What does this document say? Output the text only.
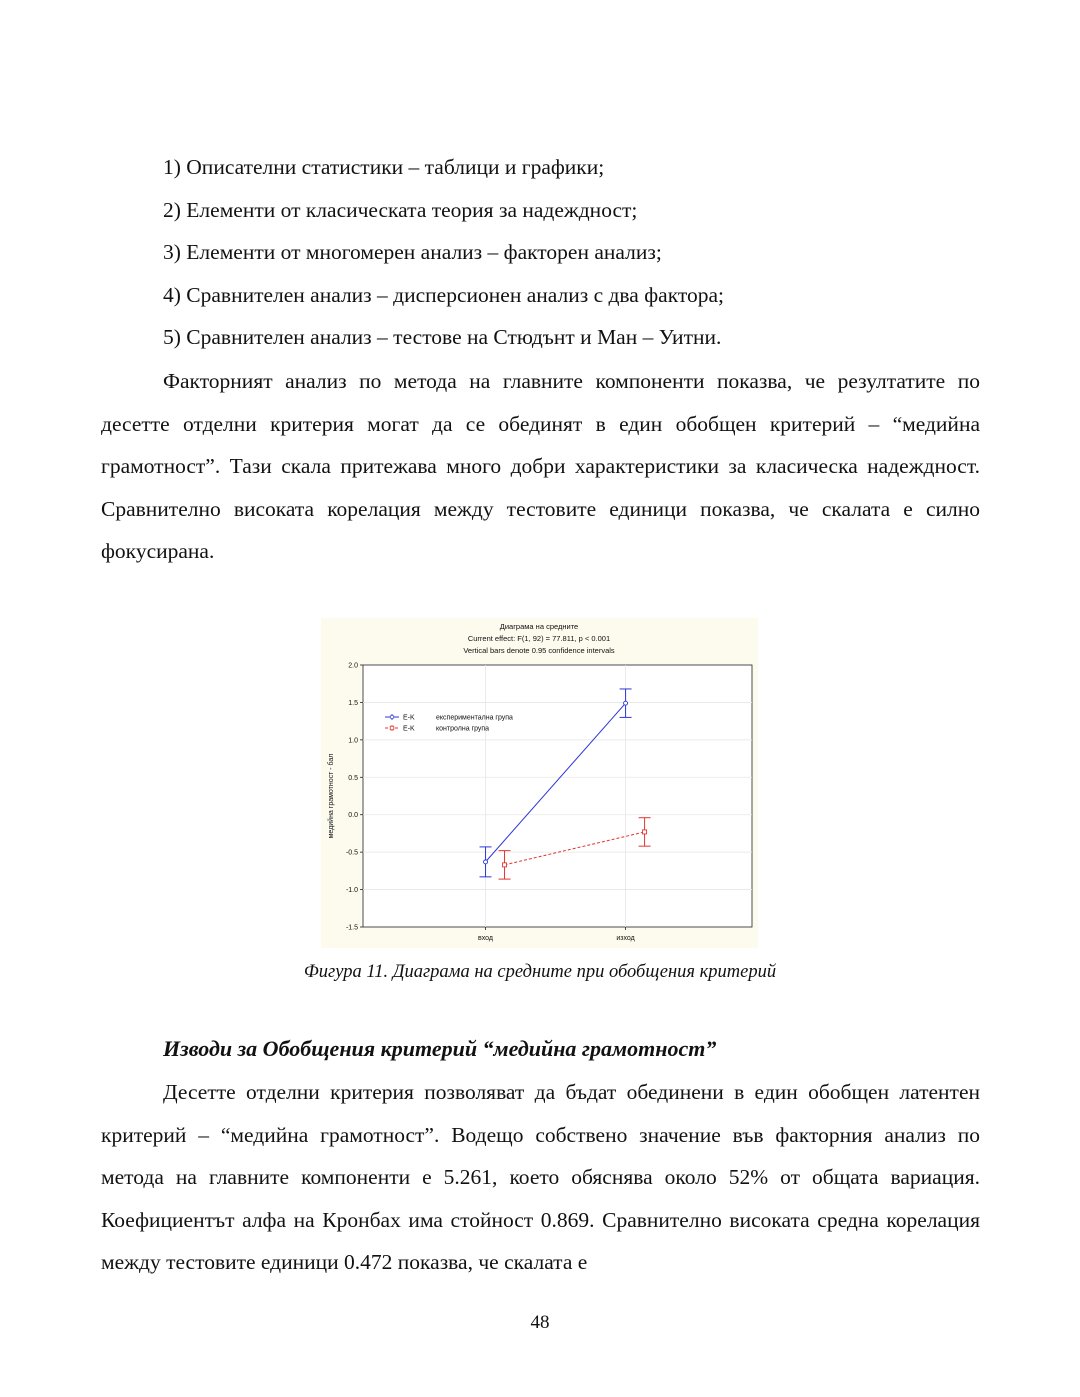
1) Описателни статистики – таблици и графики;
2) Елементи от класическата теория за надеждност;
3) Елементи от многомерен анализ – факторен анализ;
4) Сравнителен анализ – дисперсионен анализ с два фактора;
5) Сравнителен анализ – тестове на Стюдънт и Ман – Уитни.

Факторният анализ по метода на главните компоненти показва, че резултатите по десетте отделни критерия могат да се обединят в един обобщен критерий – “медийна грамотност”. Тази скала притежава много добри характеристики за класическа надеждност. Сравнително високата корелация между тестовите единици показва, че скалата е силно фокусирана.

Диаграма на средните
Current effect: F(1, 92) = 77.811, p < 0.001
Vertical bars denote 0.95 confidence intervals
2.0
1.5
1.0
0.5
0.0
-0.5
-1.0
-1.5
вход	изход
E-K	експериментална група
E-K	контролна група
медийна грамотност - бал
Фигура 11. Диаграма на средните при обобщения критерий
Изводи за Обобщения критерий “медийна грамотност”

Десетте отделни критерия позволяват да бъдат обединени в един обобщен латентен критерий – “медийна грамотност”. Водещо собствено значение във факторния анализ по метода на главните компоненти е 5.261, което обяснява около 52% от общата вариация. Коефициентът алфа на Кронбах има стойност 0.869. Сравнително високата средна корелация между тестовите единици 0.472 показва, че скалата е

48
